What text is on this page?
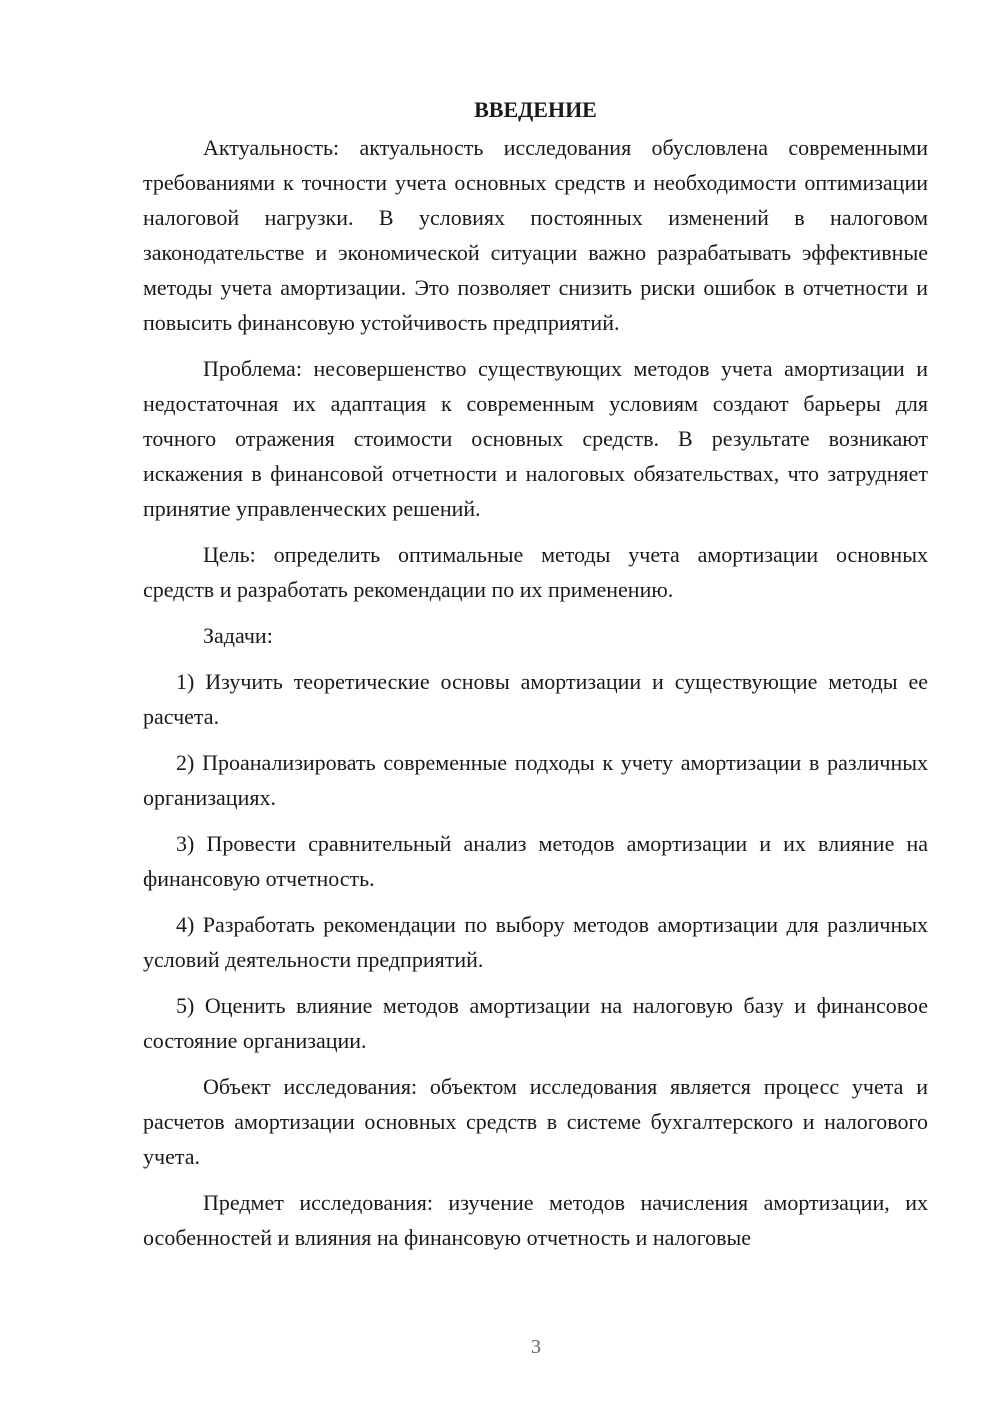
ВВЕДЕНИЕ

Актуальность: актуальность исследования обусловлена современными требованиями к точности учета основных средств и необходимости оптимизации налоговой нагрузки. В условиях постоянных изменений в налоговом законодательстве и экономической ситуации важно разрабатывать эффективные методы учета амортизации. Это позволяет снизить риски ошибок в отчетности и повысить финансовую устойчивость предприятий.

Проблема: несовершенство существующих методов учета амортизации и недостаточная их адаптация к современным условиям создают барьеры для точного отражения стоимости основных средств. В результате возникают искажения в финансовой отчетности и налоговых обязательствах, что затрудняет принятие управленческих решений.

Цель: определить оптимальные методы учета амортизации основных средств и разработать рекомендации по их применению.

Задачи:

1) Изучить теоретические основы амортизации и существующие методы ее расчета.

2) Проанализировать современные подходы к учету амортизации в различных организациях.

3) Провести сравнительный анализ методов амортизации и их влияние на финансовую отчетность.

4) Разработать рекомендации по выбору методов амортизации для различных условий деятельности предприятий.

5) Оценить влияние методов амортизации на налоговую базу и финансовое состояние организации.

Объект исследования: объектом исследования является процесс учета и расчетов амортизации основных средств в системе бухгалтерского и налогового учета.

Предмет исследования: изучение методов начисления амортизации, их особенностей и влияния на финансовую отчетность и налоговые

3
